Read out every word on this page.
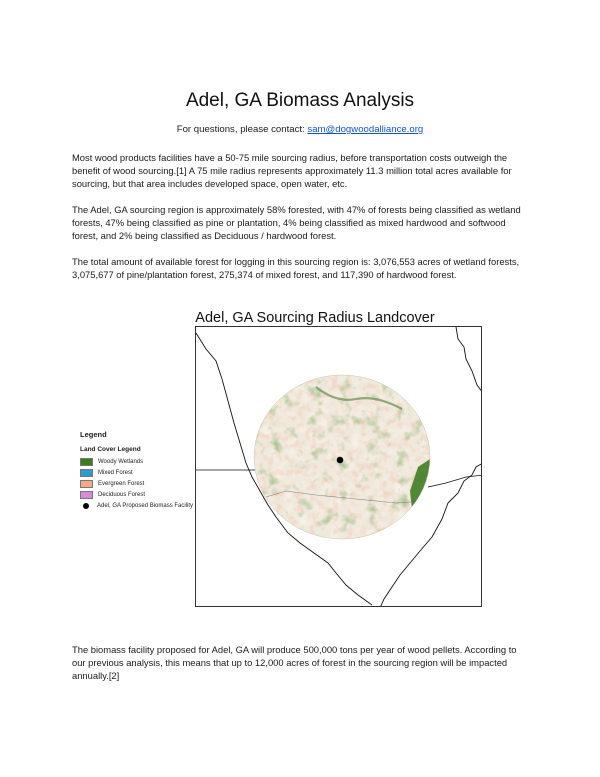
Adel, GA Biomass Analysis
For questions, please contact: sam@dogwoodalliance.org

Most wood products facilities have a 50-75 mile sourcing radius, before transportation costs outweigh the benefit of wood sourcing.[1] A 75 mile radius represents approximately 11.3 million total acres available for sourcing, but that area includes developed space, open water, etc.

The Adel, GA sourcing region is approximately 58% forested, with 47% of forests being classified as wetland forests, 47% being classified as pine or plantation, 4% being classified as mixed hardwood and softwood forest, and 2% being classified as Deciduous / hardwood forest.

The total amount of available forest for logging in this sourcing region is: 3,076,553 acres of wetland forests, 3,075,677 of pine/plantation forest, 275,374 of mixed forest, and 117,390 of hardwood forest.

Adel, GA Sourcing Radius Landcover
Legend
Land Cover Legend
Woody Wetlands
Mixed Forest
Evergreen Forest
Deciduous Forest
Adel, GA Proposed Biomass Facility

The biomass facility proposed for Adel, GA will produce 500,000 tons per year of wood pellets. According to our previous analysis, this means that up to 12,000 acres of forest in the sourcing region will be impacted annually.[2]
